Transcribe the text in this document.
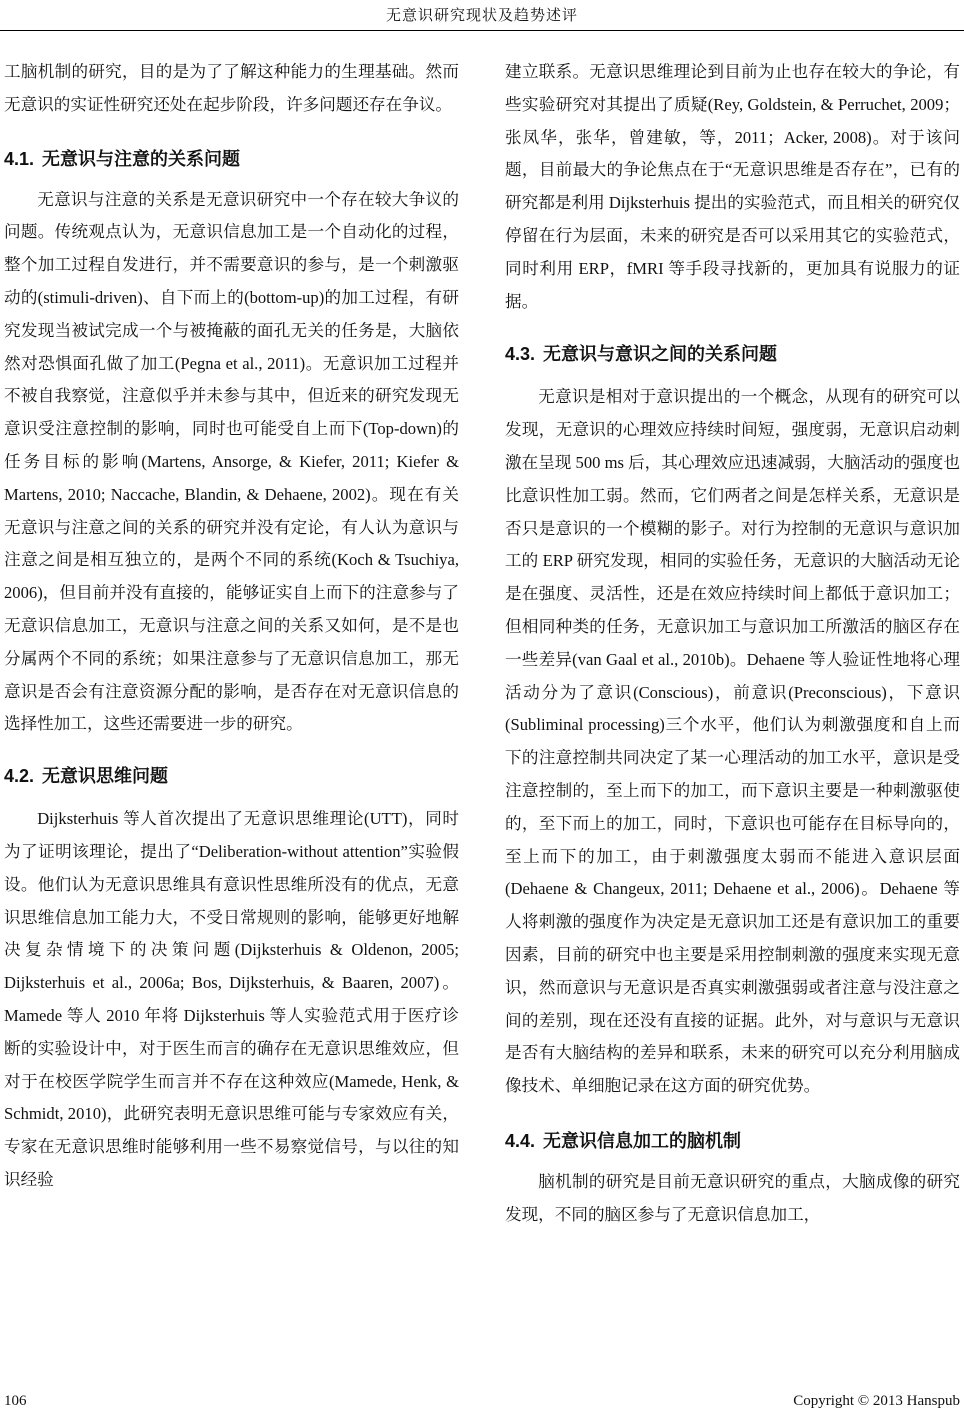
无意识研究现状及趋势述评

工脑机制的研究，目的是为了了解这种能力的生理基础。然而无意识的实证性研究还处在起步阶段，许多问题还存在争议。

4.1. 无意识与注意的关系问题

无意识与注意的关系是无意识研究中一个存在较大争议的问题。传统观点认为，无意识信息加工是一个自动化的过程，整个加工过程自发进行，并不需要意识的参与，是一个刺激驱动的(stimuli-driven)、自下而上的(bottom-up)的加工过程，有研究发现当被试完成一个与被掩蔽的面孔无关的任务是，大脑依然对恐惧面孔做了加工(Pegna et al., 2011)。无意识加工过程并不被自我察觉，注意似乎并未参与其中，但近来的研究发现无意识受注意控制的影响，同时也可能受自上而下(Top-down)的任务目标的影响(Martens, Ansorge, & Kiefer, 2011; Kiefer & Martens, 2010; Naccache, Blandin, & Dehaene, 2002)。现在有关无意识与注意之间的关系的研究并没有定论，有人认为意识与注意之间是相互独立的，是两个不同的系统(Koch & Tsuchiya, 2006)，但目前并没有直接的，能够证实自上而下的注意参与了无意识信息加工，无意识与注意之间的关系又如何，是不是也分属两个不同的系统；如果注意参与了无意识信息加工，那无意识是否会有注意资源分配的影响，是否存在对无意识信息的选择性加工，这些还需要进一步的研究。

4.2. 无意识思维问题

Dijksterhuis 等人首次提出了无意识思维理论(UTT)，同时为了证明该理论，提出了“Deliberation-without attention”实验假设。他们认为无意识思维具有意识性思维所没有的优点，无意识思维信息加工能力大，不受日常规则的影响，能够更好地解决复杂情境下的决策问题(Dijksterhuis & Oldenon, 2005; Dijksterhuis et al., 2006a; Bos, Dijksterhuis, & Baaren, 2007)。Mamede 等人 2010 年将 Dijksterhuis 等人实验范式用于医疗诊断的实验设计中，对于医生而言的确存在无意识思维效应，但对于在校医学院学生而言并不存在这种效应(Mamede, Henk, & Schmidt, 2010)，此研究表明无意识思维可能与专家效应有关，专家在无意识思维时能够利用一些不易察觉信号，与以往的知识经验

建立联系。无意识思维理论到目前为止也存在较大的争论，有些实验研究对其提出了质疑(Rey, Goldstein, & Perruchet, 2009；张凤华，张华，曾建敏，等，2011；Acker, 2008)。对于该问题，目前最大的争论焦点在于“无意识思维是否存在”，已有的研究都是利用 Dijksterhuis 提出的实验范式，而且相关的研究仅停留在行为层面，未来的研究是否可以采用其它的实验范式，同时利用 ERP，fMRI 等手段寻找新的，更加具有说服力的证据。

4.3. 无意识与意识之间的关系问题

无意识是相对于意识提出的一个概念，从现有的研究可以发现，无意识的心理效应持续时间短，强度弱，无意识启动刺激在呈现 500 ms 后，其心理效应迅速减弱，大脑活动的强度也比意识性加工弱。然而，它们两者之间是怎样关系，无意识是否只是意识的一个模糊的影子。对行为控制的无意识与意识加工的 ERP 研究发现，相同的实验任务，无意识的大脑活动无论是在强度、灵活性，还是在效应持续时间上都低于意识加工；但相同种类的任务，无意识加工与意识加工所激活的脑区存在一些差异(van Gaal et al., 2010b)。Dehaene 等人验证性地将心理活动分为了意识(Conscious)，前意识(Preconscious)，下意识(Subliminal processing)三个水平，他们认为刺激强度和自上而下的注意控制共同决定了某一心理活动的加工水平，意识是受注意控制的，至上而下的加工，而下意识主要是一种刺激驱使的，至下而上的加工，同时，下意识也可能存在目标导向的，至上而下的加工，由于刺激强度太弱而不能进入意识层面(Dehaene & Changeux, 2011; Dehaene et al., 2006)。Dehaene 等人将刺激的强度作为决定是无意识加工还是有意识加工的重要因素，目前的研究中也主要是采用控制刺激的强度来实现无意识，然而意识与无意识是否真实刺激强弱或者注意与没注意之间的差别，现在还没有直接的证据。此外，对与意识与无意识是否有大脑结构的差异和联系，未来的研究可以充分利用脑成像技术、单细胞记录在这方面的研究优势。

4.4. 无意识信息加工的脑机制

脑机制的研究是目前无意识研究的重点，大脑成像的研究发现，不同的脑区参与了无意识信息加工，

106	Copyright © 2013 Hanspub
